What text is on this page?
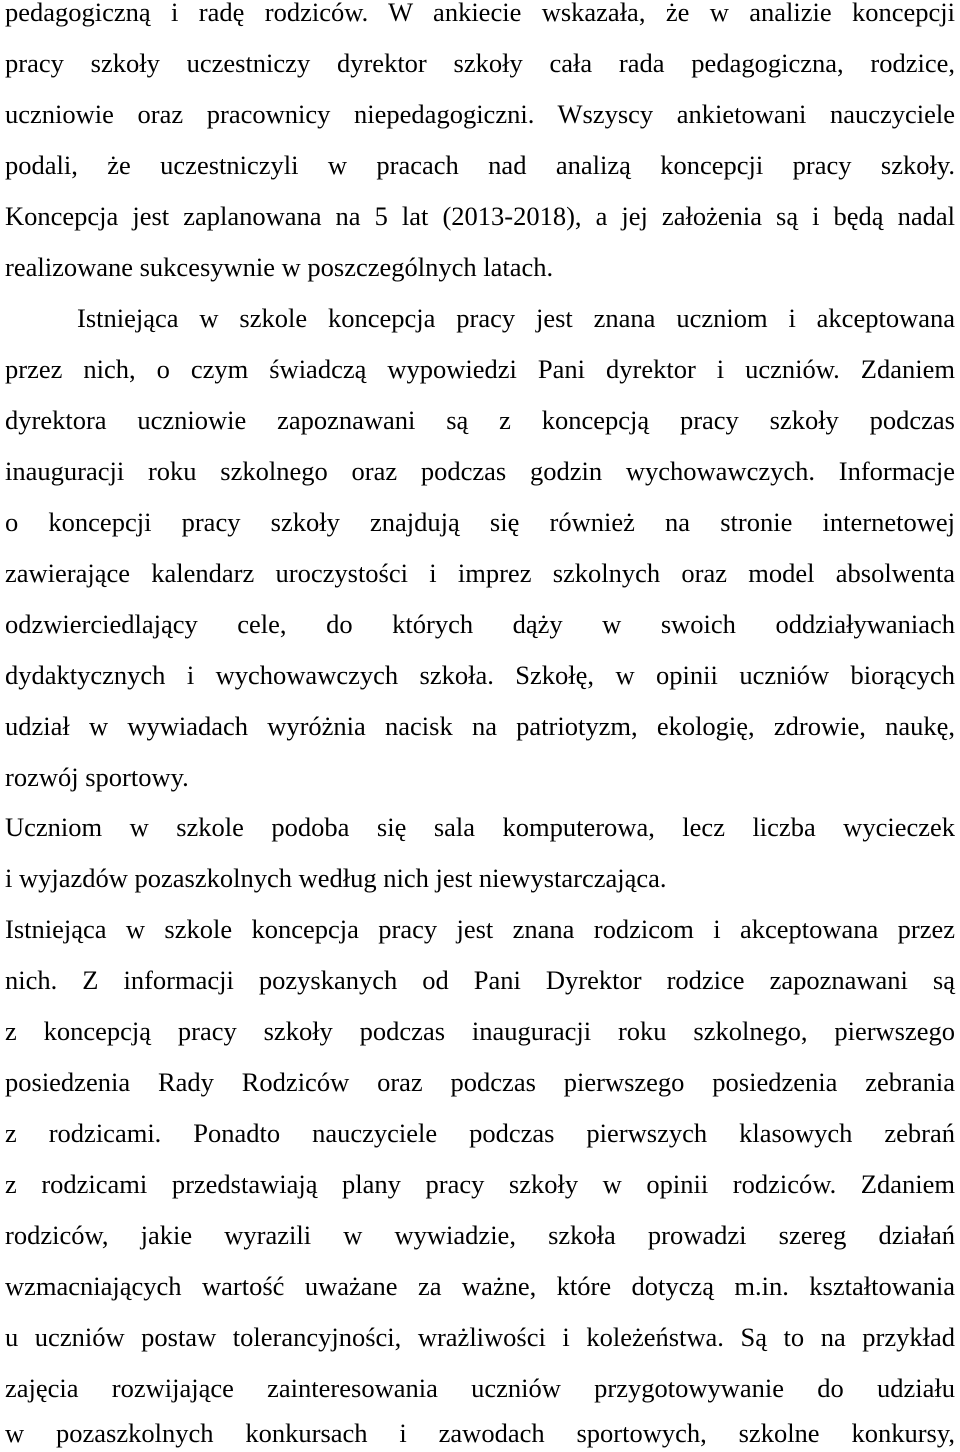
pedagogiczną i radę rodziców. W ankiecie wskazała, że w analizie koncepcji
pracy szkoły uczestniczy dyrektor szkoły cała rada pedagogiczna, rodzice,
uczniowie oraz pracownicy niepedagogiczni. Wszyscy ankietowani nauczyciele
podali, że uczestniczyli w pracach nad analizą koncepcji pracy szkoły.
Koncepcja jest zaplanowana na 5 lat (2013-2018), a jej założenia są i będą nadal
realizowane sukcesywnie w poszczególnych latach.
Istniejąca w szkole koncepcja pracy jest znana uczniom i akceptowana
przez nich, o czym świadczą wypowiedzi Pani dyrektor i uczniów. Zdaniem
dyrektora uczniowie zapoznawani są z koncepcją pracy szkoły podczas
inauguracji roku szkolnego oraz podczas godzin wychowawczych. Informacje
o koncepcji pracy szkoły znajdują się również na stronie internetowej
zawierające kalendarz uroczystości i imprez szkolnych oraz model absolwenta
odzwierciedlający cele, do których dąży w swoich oddziaływaniach
dydaktycznych i wychowawczych szkoła. Szkołę, w opinii uczniów biorących
udział w wywiadach wyróżnia nacisk na patriotyzm, ekologię, zdrowie, naukę,
rozwój sportowy.
Uczniom w szkole podoba się sala komputerowa, lecz liczba wycieczek
i wyjazdów pozaszkolnych według nich jest niewystarczająca.
Istniejąca w szkole koncepcja pracy jest znana rodzicom i akceptowana przez
nich. Z informacji pozyskanych od Pani Dyrektor rodzice zapoznawani są
z koncepcją pracy szkoły podczas inauguracji roku szkolnego, pierwszego
posiedzenia Rady Rodziców oraz podczas pierwszego posiedzenia zebrania
z rodzicami. Ponadto nauczyciele podczas pierwszych klasowych zebrań
z rodzicami przedstawiają plany pracy szkoły w opinii rodziców. Zdaniem
rodziców, jakie wyrazili w wywiadzie, szkoła prowadzi szereg działań
wzmacniających wartość uważane za ważne, które dotyczą m.in. kształtowania
u uczniów postaw tolerancyjności, wrażliwości i koleżeństwa. Są to na przykład
zajęcia rozwijające zainteresowania uczniów przygotowywanie do udziału
w pozaszkolnych konkursach i zawodach sportowych, szkolne konkursy,
